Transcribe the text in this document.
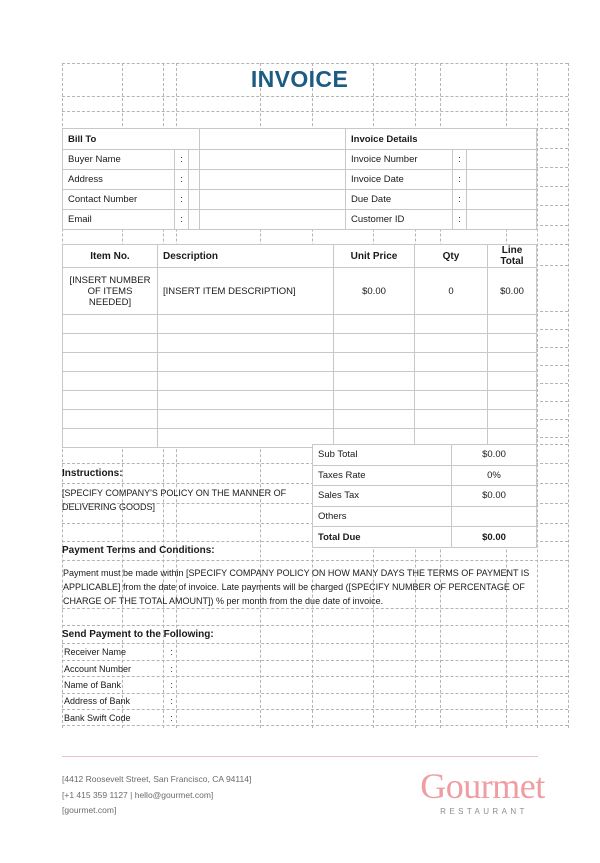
INVOICE
Bill To				Invoice Details		
Buyer Name	:			Invoice Number	:	
Address	:			Invoice Date	:	
Contact Number	:			Due Date	:	
Email	:			Customer ID	:	
Item No.	Description	Unit Price	Qty	Line Total
[INSERT NUMBER OF ITEMS NEEDED]	[INSERT ITEM DESCRIPTION]	$0.00	0	$0.00

Sub Total	$0.00
Taxes Rate	0%
Sales Tax	$0.00
Others	
Total Due	$0.00
Instructions:
[SPECIFY COMPANY'S POLICY ON THE MANNER OF DELIVERING GOODS]
Payment Terms and Conditions:
Payment must be made within [SPECIFY COMPANY POLICY ON HOW MANY DAYS THE TERMS OF PAYMENT IS APPLICABLE] from the date of invoice. Late payments will be charged ([SPECIFY NUMBER OF PERCENTAGE OF CHARGE OF THE TOTAL AMOUNT]) % per month from the due date of invoice.
Send Payment to the Following:
Receiver Name	:
Account Number	:
Name of Bank	:
Address of Bank	:
Bank Swift Code	:
[4412 Roosevelt Street, San Francisco, CA 94114]
[+1 415 359 1127 | hello@gourmet.com]
[gourmet.com]
Gourmet
RESTAURANT
